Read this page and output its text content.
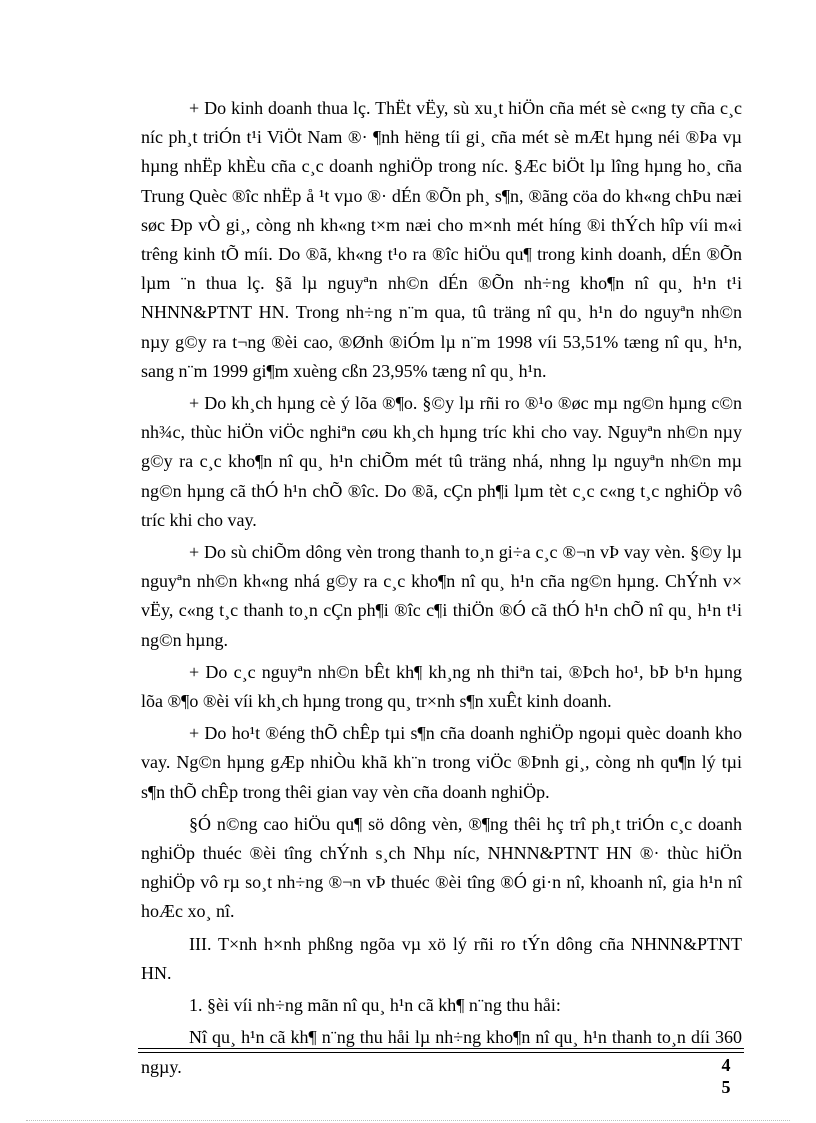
+ Do kinh doanh thua lç. ThËt vËy, sù xu¸t hiÖn cña mét sè c«ng ty cña c¸c níc ph¸t triÓn t¹i ViÖt Nam ®· ¶nh hëng tíi gi¸ cña mét sè mÆt hµng néi ®Þa vµ hµng nhËp khÈu cña c¸c doanh nghiÖp trong níc. §Æc biÖt lµ lîng hµng ho¸ cña Trung Quèc ®îc nhËp å ¹t vµo ®· dÉn ®Õn ph¸ s¶n, ®ãng cöa do kh«ng chÞu næi søc Ðp vÒ gi¸, còng nh kh«ng t×m næi cho m×nh mét híng ®i thÝch hîp víi m«i trêng kinh tÕ míi. Do ®ã, kh«ng t¹o ra ®îc hiÖu qu¶ trong kinh doanh, dÉn ®Õn lµm ¨n thua lç. §ã lµ nguyªn nh©n dÉn ®Õn nh÷ng kho¶n nî qu¸ h¹n t¹i NHNN&PTNT HN. Trong nh÷ng n¨m qua, tû träng nî qu¸ h¹n do nguyªn nh©n nµy g©y ra t¬ng ®èi cao, ®Ønh ®iÓm lµ n¨m 1998 víi 53,51% tæng nî qu¸ h¹n, sang n¨m 1999 gi¶m xuèng cßn 23,95% tæng nî qu¸ h¹n.

+ Do kh¸ch hµng cè ý lõa ®¶o. §©y lµ rñi ro ®¹o ®øc mµ ng©n hµng c©n nh¾c, thùc hiÖn viÖc nghiªn cøu kh¸ch hµng tríc khi cho vay. Nguyªn nh©n nµy g©y ra c¸c kho¶n nî qu¸ h¹n chiÕm mét tû träng nhá, nhng lµ nguyªn nh©n mµ ng©n hµng cã thÓ h¹n chÕ ®îc. Do ®ã, cÇn ph¶i lµm tèt c¸c c«ng t¸c nghiÖp vô tríc khi cho vay.

+ Do sù chiÕm dông vèn trong thanh to¸n gi÷a c¸c ®¬n vÞ vay vèn. §©y lµ nguyªn nh©n kh«ng nhá g©y ra c¸c kho¶n nî qu¸ h¹n cña ng©n hµng. ChÝnh v× vËy, c«ng t¸c thanh to¸n cÇn ph¶i ®îc c¶i thiÖn ®Ó cã thÓ h¹n chÕ nî qu¸ h¹n t¹i ng©n hµng.

+ Do c¸c nguyªn nh©n bÊt kh¶ kh¸ng nh thiªn tai, ®Þch ho¹, bÞ b¹n hµng lõa ®¶o ®èi víi kh¸ch hµng trong qu¸ tr×nh s¶n xuÊt kinh doanh.

+ Do ho¹t ®éng thÕ chÊp tµi s¶n cña doanh nghiÖp ngoµi quèc doanh kho vay. Ng©n hµng gÆp nhiÒu khã kh¨n trong viÖc ®Þnh gi¸, còng nh qu¶n lý tµi s¶n thÕ chÊp trong thêi gian vay vèn cña doanh nghiÖp.

§Ó n©ng cao hiÖu qu¶ sö dông vèn, ®¶ng thêi hç trî ph¸t triÓn c¸c doanh nghiÖp thuéc ®èi tîng chÝnh s¸ch Nhµ níc, NHNN&PTNT HN ®· thùc hiÖn nghiÖp vô rµ so¸t nh÷ng ®¬n vÞ thuéc ®èi tîng ®Ó gi·n nî, khoanh nî, gia h¹n nî hoÆc xo¸ nî.

III. T×nh h×nh phßng ngõa vµ xö lý rñi ro tÝn dông cña NHNN&PTNT HN.

1. §èi víi nh÷ng mãn nî qu¸ h¹n cã kh¶ n¨ng thu håi:

Nî qu¸ h¹n cã kh¶ n¨ng thu håi lµ nh÷ng kho¶n nî qu¸ h¹n thanh to¸n díi 360 ngµy.	4
5
